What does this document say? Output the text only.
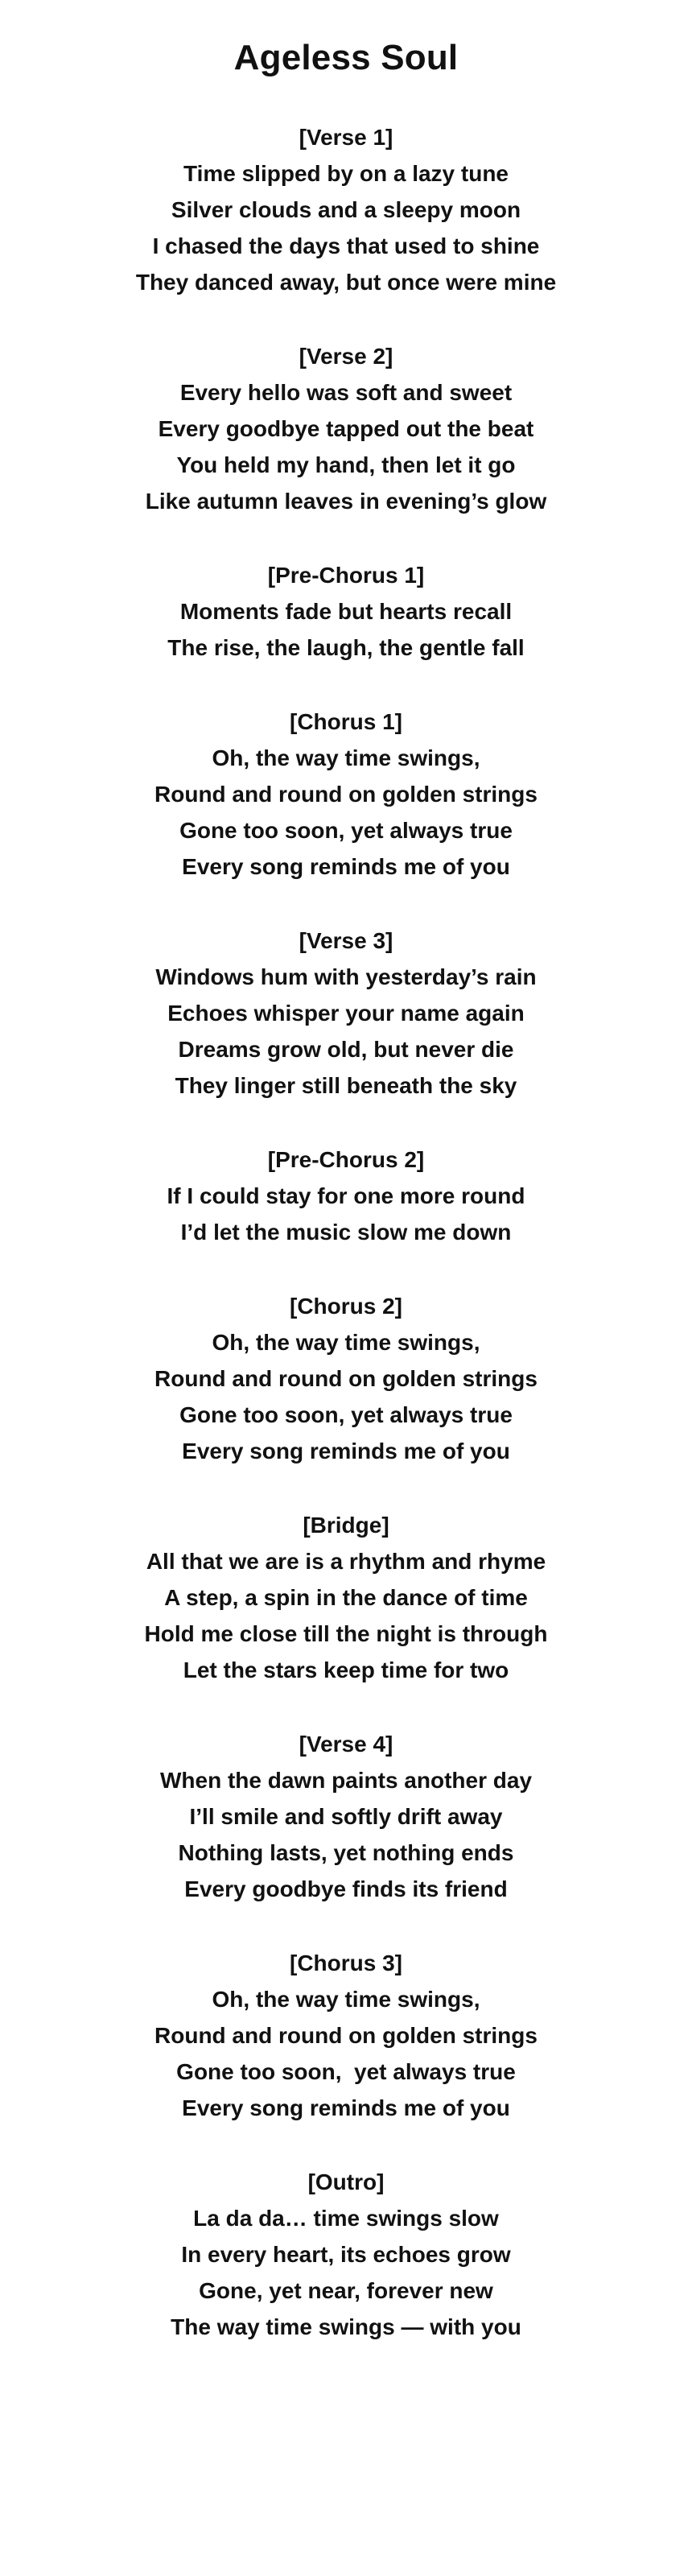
Ageless Soul
[Verse 1]
Time slipped by on a lazy tune
Silver clouds and a sleepy moon
I chased the days that used to shine
They danced away, but once were mine
[Verse 2]
Every hello was soft and sweet
Every goodbye tapped out the beat
You held my hand, then let it go
Like autumn leaves in evening’s glow
[Pre-Chorus 1]
Moments fade but hearts recall
The rise, the laugh, the gentle fall
[Chorus 1]
Oh, the way time swings,
Round and round on golden strings
Gone too soon, yet always true
Every song reminds me of you
[Verse 3]
Windows hum with yesterday’s rain
Echoes whisper your name again
Dreams grow old, but never die
They linger still beneath the sky
[Pre-Chorus 2]
If I could stay for one more round
I’d let the music slow me down
[Chorus 2]
Oh, the way time swings,
Round and round on golden strings
Gone too soon, yet always true
Every song reminds me of you
[Bridge]
All that we are is a rhythm and rhyme
A step, a spin in the dance of time
Hold me close till the night is through
Let the stars keep time for two
[Verse 4]
When the dawn paints another day
I’ll smile and softly drift away
Nothing lasts, yet nothing ends
Every goodbye finds its friend
[Chorus 3]
Oh, the way time swings,
Round and round on golden strings
Gone too soon,  yet always true
Every song reminds me of you
[Outro]
La da da… time swings slow
In every heart, its echoes grow
Gone, yet near, forever new
The way time swings — with you
